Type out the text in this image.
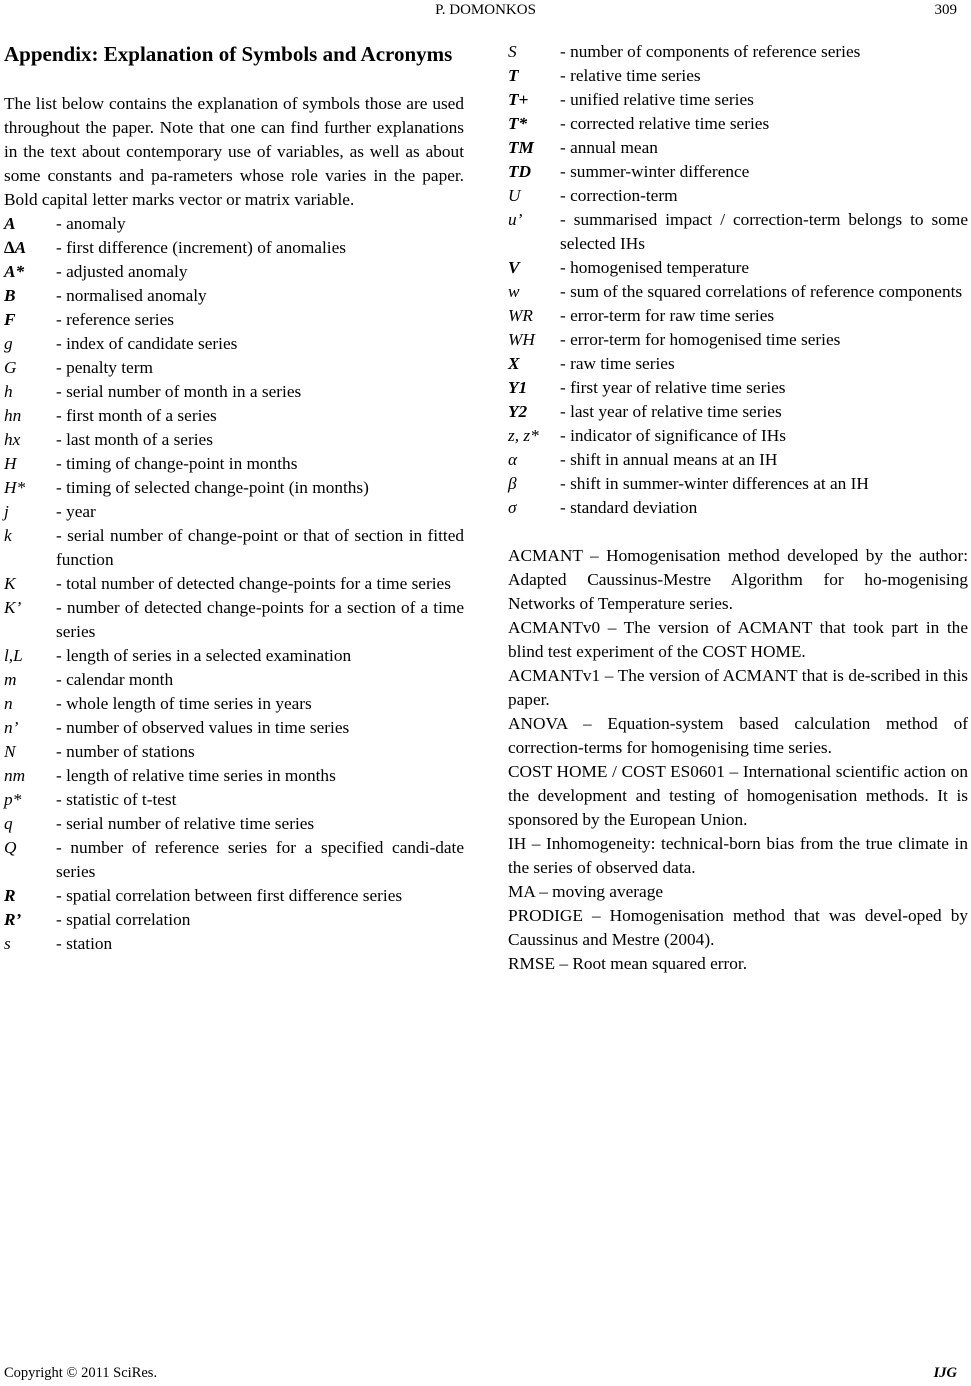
P. DOMONKOS	309
Appendix: Explanation of Symbols and Acronyms

The list below contains the explanation of symbols those are used throughout the paper. Note that one can find further explanations in the text about contemporary use of variables, as well as about some constants and pa-rameters whose role varies in the paper. Bold capital letter marks vector or matrix variable.

A - anomaly
∆A - first difference (increment) of anomalies
A* - adjusted anomaly
B - normalised anomaly
F - reference series
g	- index of candidate series
G - penalty term
h	- serial number of month in a series
hn - first month of a series
hx - last month of a series
H - timing of change-point in months
H* - timing of selected change-point (in months)
j	- year
k	- serial number of change-point or that of section in fitted function
K - total number of detected change-points for a time series
K’ - number of detected change-points for a section of a time series
l,L - length of series in a selected examination
m - calendar month
n	- whole length of time series in years
n’ - number of observed values in time series
N - number of stations
nm - length of relative time series in months
p* - statistic of t-test
q	- serial number of relative time series
Q - number of reference series for a specified candi-date series
R - spatial correlation between first difference series
R’ - spatial correlation
s	- station
S	- number of components of reference series
T - relative time series
T+ - unified relative time series
T* - corrected relative time series
TM - annual mean
TD - summer-winter difference
U - correction-term
u’ - summarised impact / correction-term belongs to some selected IHs
V - homogenised temperature
w - sum of the squared correlations of reference components
WR - error-term for raw time series
WH - error-term for homogenised time series
X - raw time series
Y1 - first year of relative time series
Y2 - last year of relative time series
z, z* - indicator of significance of IHs
α - shift in annual means at an IH
β	- shift in summer-winter differences at an IH
σ	- standard deviation

ACMANT – Homogenisation method developed by the author: Adapted Caussinus-Mestre Algorithm for ho-mogenising Networks of Temperature series.

ACMANTv0 – The version of ACMANT that took part in the blind test experiment of the COST HOME.

ACMANTv1 – The version of ACMANT that is de-scribed in this paper.

ANOVA – Equation-system based calculation method of correction-terms for homogenising time series.

COST HOME / COST ES0601 – International scientific action on the development and testing of homogenisation methods. It is sponsored by the European Union.

IH – Inhomogeneity: technical-born bias from the true climate in the series of observed data.

MA – moving average

PRODIGE – Homogenisation method that was devel-oped by Caussinus and Mestre (2004).

RMSE – Root mean squared error.

Copyright © 2011 SciRes.	IJG
